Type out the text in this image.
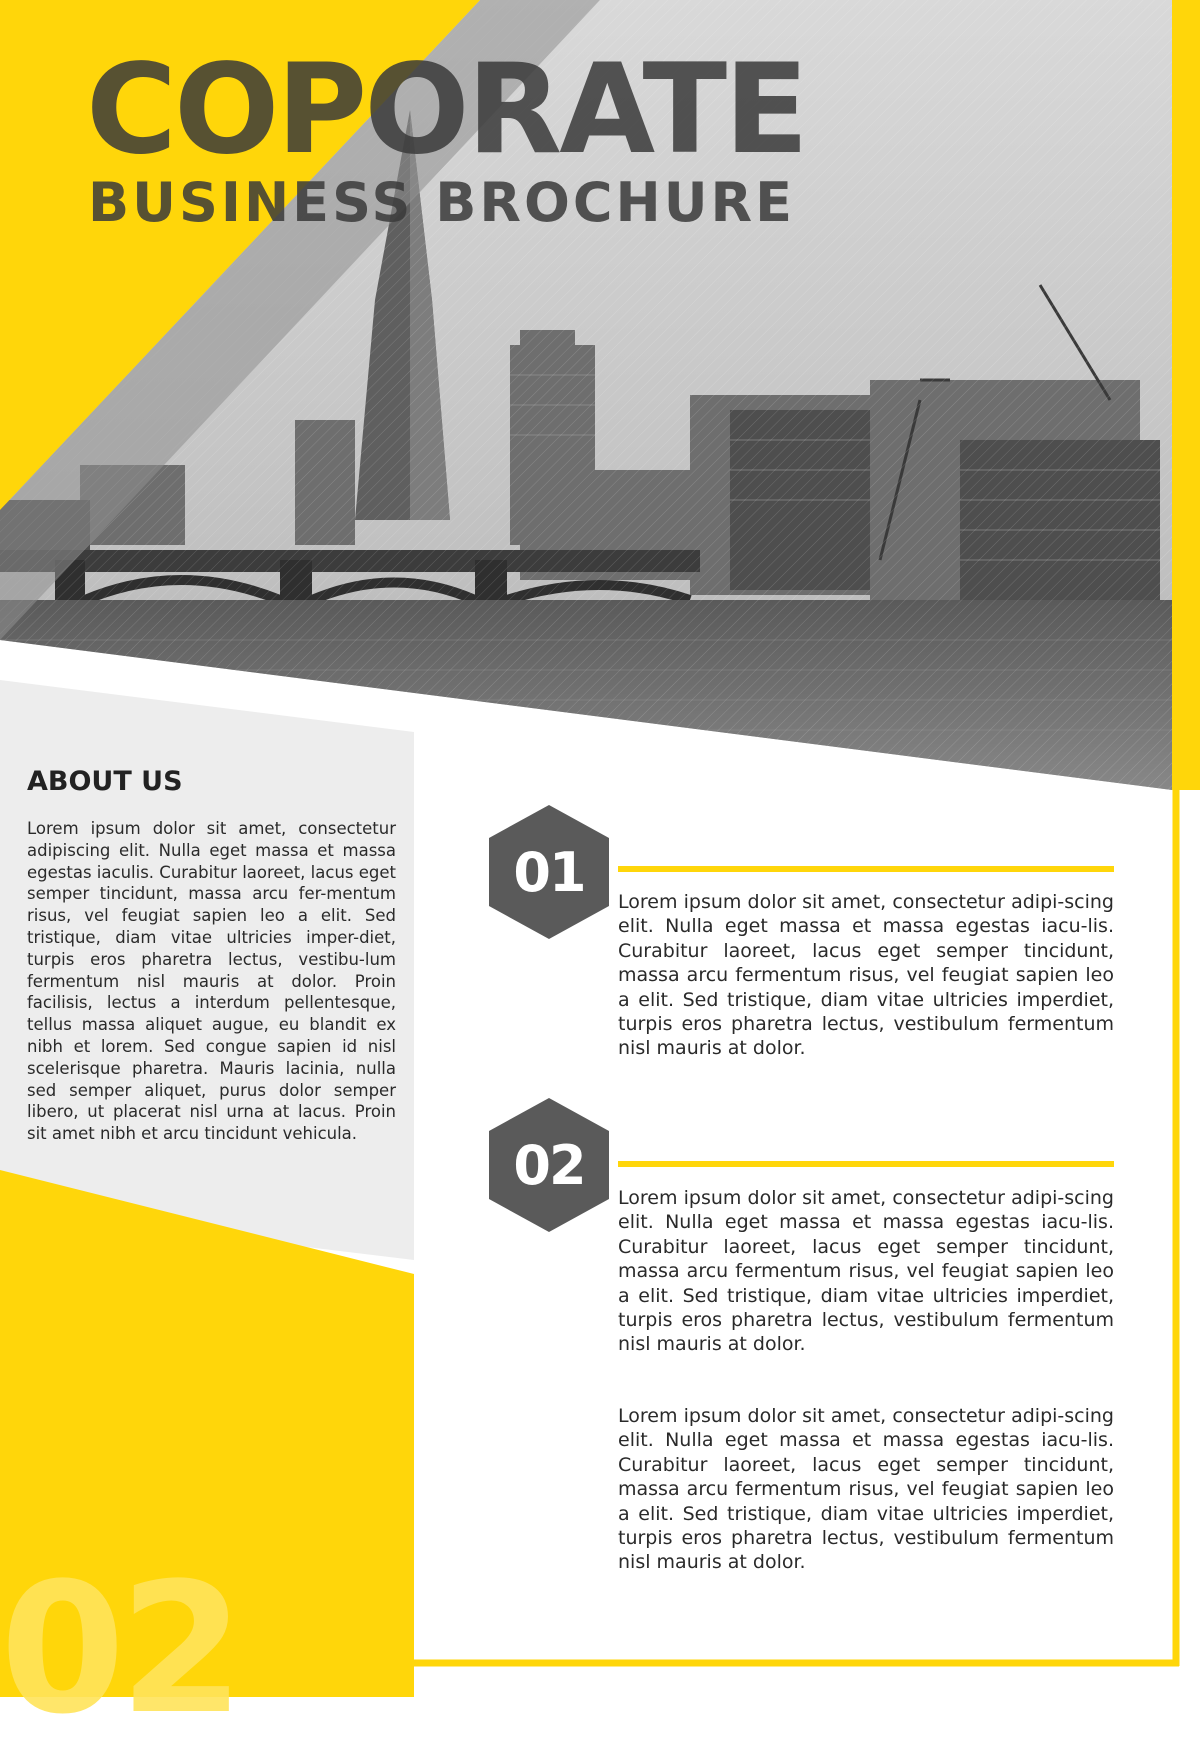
COPORATE
BUSINESS BROCHURE
02
ABOUT US

Lorem ipsum dolor sit amet, consectetur adipiscing elit. Nulla eget massa et massa egestas iaculis. Curabitur laoreet, lacus eget semper tincidunt, massa arcu fer-mentum risus, vel feugiat sapien leo a elit. Sed tristique, diam vitae ultricies imper-diet, turpis eros pharetra lectus, vestibu-lum fermentum nisl mauris at dolor. Proin facilisis, lectus a interdum pellentesque, tellus massa aliquet augue, eu blandit ex nibh et lorem. Sed congue sapien id nisl scelerisque pharetra. Mauris lacinia, nulla sed semper aliquet, purus dolor semper libero, ut placerat nisl urna at lacus. Proin sit amet nibh et arcu tincidunt vehicula.

01	Lorem ipsum dolor sit amet, consectetur adipi-scing elit. Nulla eget massa et massa egestas iacu-lis. Curabitur laoreet, lacus eget semper tincidunt, massa arcu fermentum risus, vel feugiat sapien leo a elit. Sed tristique, diam vitae ultricies imperdiet, turpis eros pharetra lectus, vestibulum fermentum nisl mauris at dolor.

02

Lorem ipsum dolor sit amet, consectetur adipi-scing elit. Nulla eget massa et massa egestas iacu-lis. Curabitur laoreet, lacus eget semper tincidunt, massa arcu fermentum risus, vel feugiat sapien leo a elit. Sed tristique, diam vitae ultricies imperdiet, turpis eros pharetra lectus, vestibulum fermentum nisl mauris at dolor.

Lorem ipsum dolor sit amet, consectetur adipi-scing elit. Nulla eget massa et massa egestas iacu-lis. Curabitur laoreet, lacus eget semper tincidunt, massa arcu fermentum risus, vel feugiat sapien leo a elit. Sed tristique, diam vitae ultricies imperdiet, turpis eros pharetra lectus, vestibulum fermentum nisl mauris at dolor.
